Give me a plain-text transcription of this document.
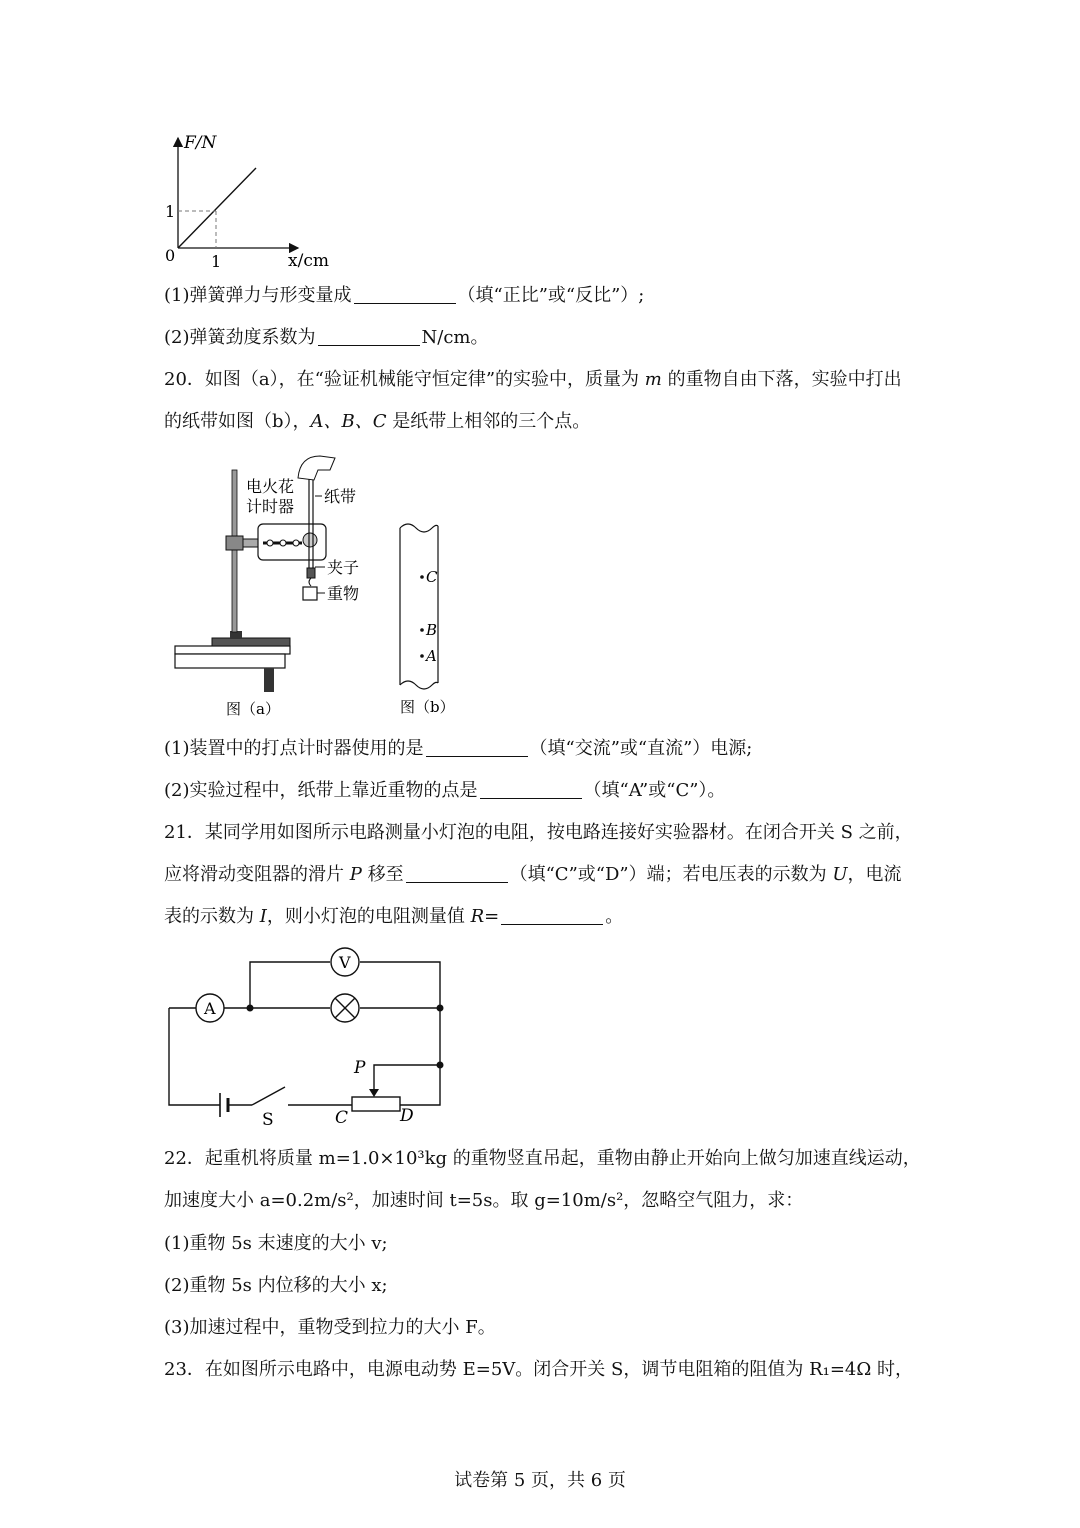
F/N
x/cm
0 1
1
(1)弹簧弹力与形变量成	（填“正比”或“反比”）;
(2)弹簧劲度系数为	N/cm。
20．如图（a），在“验证机械能守恒定律”的实验中，质量为 m 的重物自由下落，实验中打出
的纸带如图（b），A、B、C 是纸带上相邻的三个点。
电火花
计时器
纸带
夹子
重物
图（a）
C
B
A
图（b）
(1)装置中的打点计时器使用的是	（填“交流”或“直流”）电源;
(2)实验过程中，纸带上靠近重物的点是	（填“A”或“C”）。
21．某同学用如图所示电路测量小灯泡的电阻，按电路连接好实验器材。在闭合开关 S 之前，
应将滑动变阻器的滑片 P 移至	（填“C”或“D”）端；若电压表的示数为 U，电流
表的示数为 I，则小灯泡的电阻测量值 R=	。
A
V
S
P
C	D
22．起重机将质量 m=1.0×10³kg 的重物竖直吊起，重物由静止开始向上做匀加速直线运动，
加速度大小 a=0.2m/s²，加速时间 t=5s。取 g=10m/s²，忽略空气阻力，求：
(1)重物 5s 末速度的大小 v;
(2)重物 5s 内位移的大小 x;
(3)加速过程中，重物受到拉力的大小 F。
23．在如图所示电路中，电源电动势 E=5V。闭合开关 S，调节电阻箱的阻值为 R₁=4Ω 时，
试卷第 5 页，共 6 页
